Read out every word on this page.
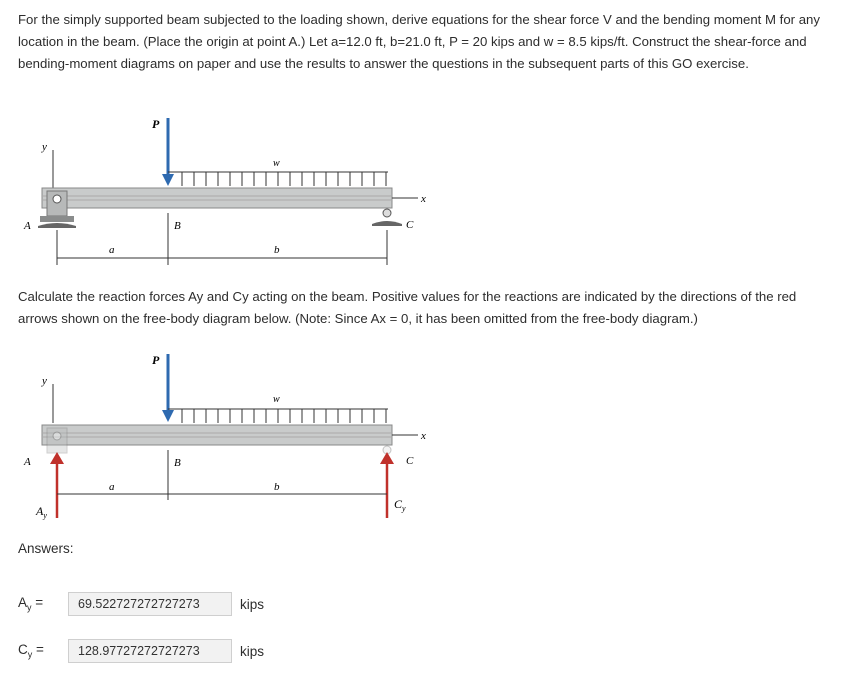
For the simply supported beam subjected to the loading shown, derive equations for the shear force V and the bending moment M for any location in the beam. (Place the origin at point A.) Let a=12.0 ft, b=21.0 ft, P = 20 kips and w = 8.5 kips/ft. Construct the shear-force and bending-moment diagrams on paper and use the results to answer the questions in the subsequent parts of this GO exercise.
y
x
A	C
P
w
B
a	b
Calculate the reaction forces Ay and Cy acting on the beam. Positive values for the reactions are indicated by the directions of the red arrows shown on the free-body diagram below. (Note: Since Ax = 0, it has been omitted from the free-body diagram.)
y
x
A
$A_y$
C
$C_y$
P
w
B
a	b
Answers:
$A_y$ =	69.522727272727273	kips
$C_y$ =	128.97727272727273	kips
